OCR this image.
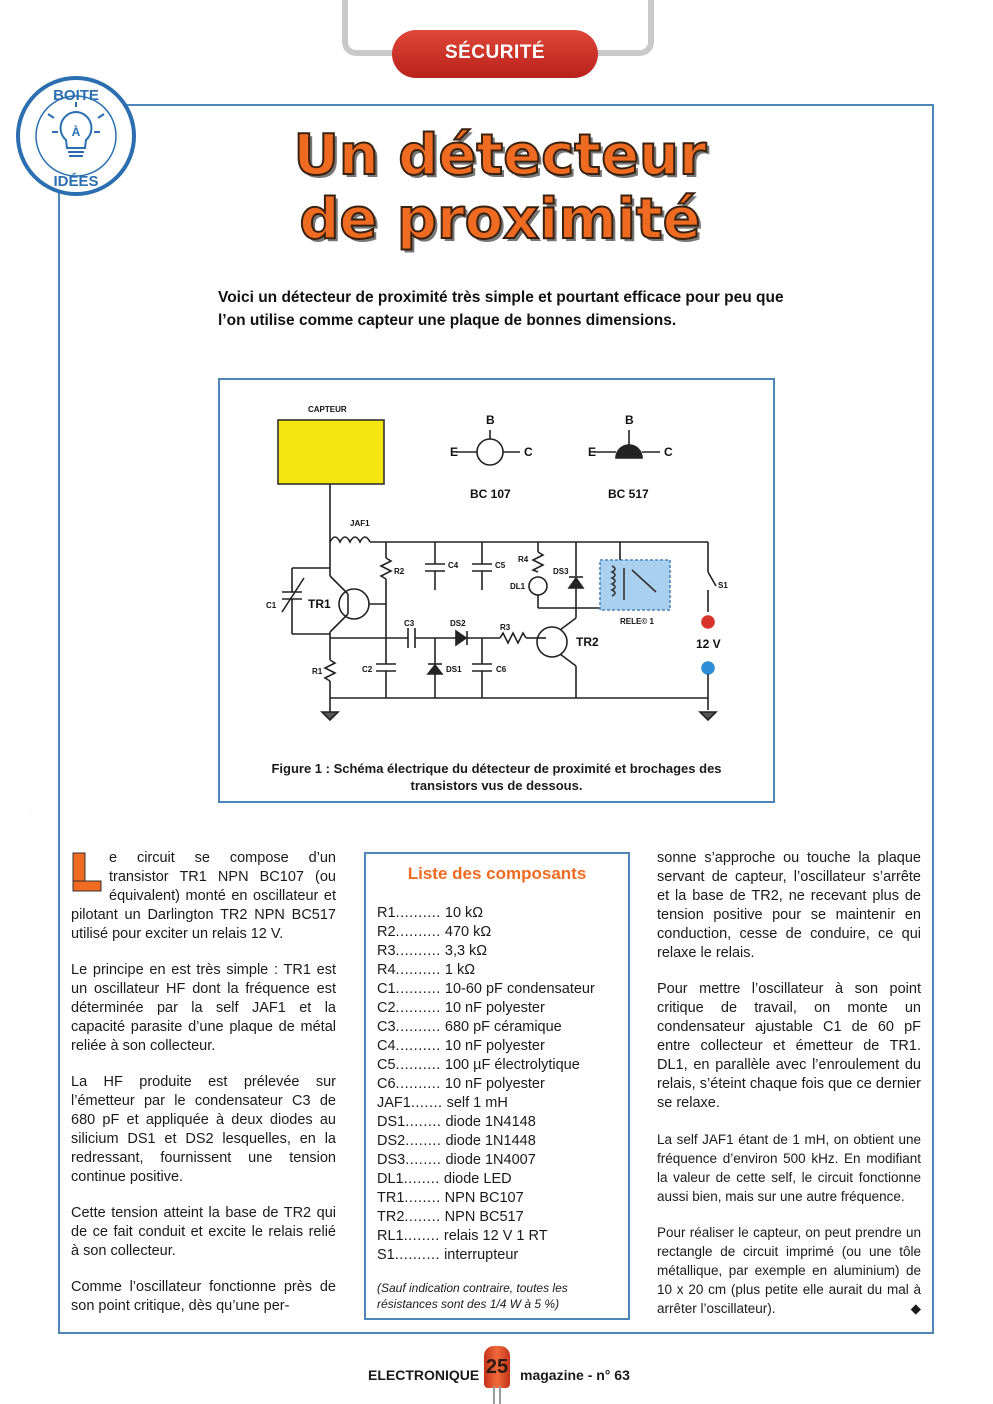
SÉCURITÉ
BOITE
IDÉES
À	Un détecteur
de proximité
Voici un détecteur de proximité très simple et pourtant efficace pour peu que l’on utilise comme capteur une plaque de bonnes dimensions.
CAPTEUR
JAF1
C1	TR1
R1
R2
C2
C3
C4	C5
C6
DS1
DS2
DS3
R3
R4
DL1
TR2
RELE© 1
S1
12 V
B
E	C
B
E	C
BC 107	BC 517
Figure 1 : Schéma électrique du détecteur de proximité et brochages des transistors vus de dessous.

L
e circuit se compose d’un transistor TR1 NPN BC107 (ou équivalent) monté en oscillateur et pilotant un Darlington TR2 NPN BC517 utilisé pour exciter un relais 12 V.

Le principe en est très simple : TR1 est un oscillateur HF dont la fréquence est déterminée par la self JAF1 et la capacité parasite d’une plaque de métal reliée à son collecteur.

La HF produite est prélevée sur l’émetteur par le condensateur C3 de 680 pF et appliquée à deux diodes au silicium DS1 et DS2 lesquelles, en la redressant, fournissent une tension continue positive.

Cette tension atteint la base de TR2 qui de ce fait conduit et excite le relais relié à son collecteur.

Comme l’oscillateur fonctionne près de son point critique, dès qu’une per-

Liste des composants
R1.......... 10 kΩ
R2.......... 470 kΩ
R3.......... 3,3 kΩ
R4.......... 1 kΩ
C1.......... 10-60 pF condensateur
C2.......... 10 nF polyester
C3.......... 680 pF céramique
C4.......... 10 nF polyester
C5.......... 100 µF électrolytique
C6.......... 10 nF polyester
JAF1....... self 1 mH
DS1........ diode 1N4148
DS2........ diode 1N1448
DS3........ diode 1N4007
DL1........ diode LED
TR1........ NPN BC107
TR2........ NPN BC517
RL1........ relais 12 V 1 RT
S1.......... interrupteur
(Sauf indication contraire, toutes les résistances sont des 1/4 W à 5 %)

sonne s’approche ou touche la plaque servant de capteur, l’oscillateur s’arrête et la base de TR2, ne recevant plus de tension positive pour se maintenir en conduction, cesse de conduire, ce qui relaxe le relais.

Pour mettre l’oscillateur à son point critique de travail, on monte un condensateur ajustable C1 de 60 pF entre collecteur et émetteur de TR1. DL1, en parallèle avec l’enroulement du relais, s’éteint chaque fois que ce dernier se relaxe.

La self JAF1 étant de 1 mH, on obtient une fréquence d’environ 500 kHz. En modifiant la valeur de cette self, le circuit fonctionne aussi bien, mais sur une autre fréquence.

Pour réaliser le capteur, on peut prendre un rectangle de circuit imprimé (ou une tôle métallique, par exemple en aluminium) de 10 x 20 cm (plus petite elle aurait du mal à arrêter l’oscillateur).	◆

ELECTRONIQUE 25 magazine - n° 63
